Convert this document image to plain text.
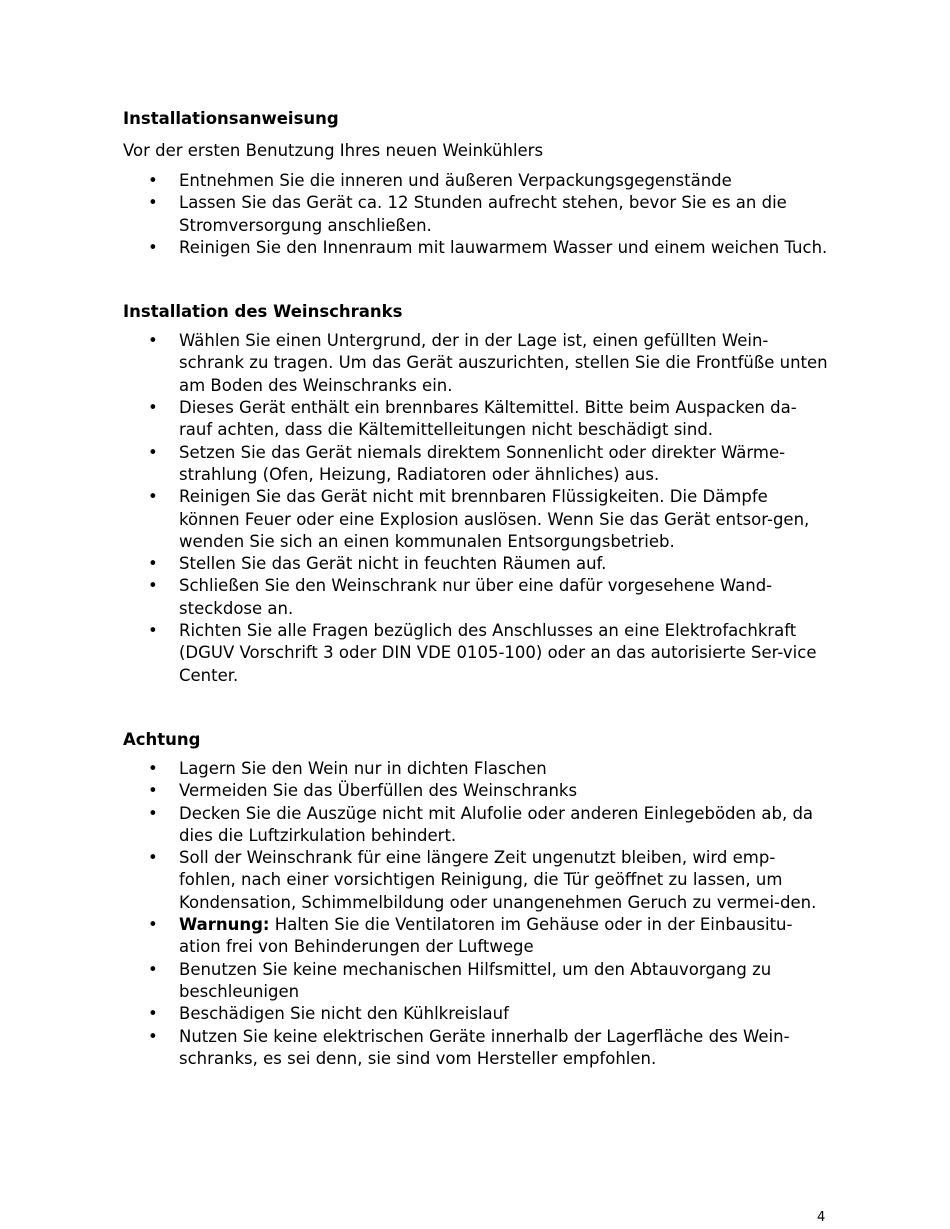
Installationsanweisung

Vor der ersten Benutzung Ihres neuen Weinkühlers

• Entnehmen Sie die inneren und äußeren Verpackungsgegenstände
• Lassen Sie das Gerät ca. 12 Stunden aufrecht stehen, bevor Sie es an die Stromversorgung anschließen.
• Reinigen Sie den Innenraum mit lauwarmem Wasser und einem weichen Tuch.

Installation des Weinschranks

• Wählen Sie einen Untergrund, der in der Lage ist, einen gefüllten Wein-schrank zu tragen. Um das Gerät auszurichten, stellen Sie die Frontfüße unten am Boden des Weinschranks ein.
• Dieses Gerät enthält ein brennbares Kältemittel. Bitte beim Auspacken da-rauf achten, dass die Kältemittelleitungen nicht beschädigt sind.
• Setzen Sie das Gerät niemals direktem Sonnenlicht oder direkter Wärme-strahlung (Ofen, Heizung, Radiatoren oder ähnliches) aus.
• Reinigen Sie das Gerät nicht mit brennbaren Flüssigkeiten. Die Dämpfe können Feuer oder eine Explosion auslösen. Wenn Sie das Gerät entsor-gen, wenden Sie sich an einen kommunalen Entsorgungsbetrieb.
• Stellen Sie das Gerät nicht in feuchten Räumen auf.
• Schließen Sie den Weinschrank nur über eine dafür vorgesehene Wand-steckdose an.
• Richten Sie alle Fragen bezüglich des Anschlusses an eine Elektrofachkraft (DGUV Vorschrift 3 oder DIN VDE 0105-100) oder an das autorisierte Ser-vice Center.

Achtung

• Lagern Sie den Wein nur in dichten Flaschen
• Vermeiden Sie das Überfüllen des Weinschranks
• Decken Sie die Auszüge nicht mit Alufolie oder anderen Einlegeböden ab, da dies die Luftzirkulation behindert.
• Soll der Weinschrank für eine längere Zeit ungenutzt bleiben, wird emp-fohlen, nach einer vorsichtigen Reinigung, die Tür geöffnet zu lassen, um Kondensation, Schimmelbildung oder unangenehmen Geruch zu vermei-den.
• Warnung: Halten Sie die Ventilatoren im Gehäuse oder in der Einbausitu-ation frei von Behinderungen der Luftwege
• Benutzen Sie keine mechanischen Hilfsmittel, um den Abtauvorgang zu beschleunigen
• Beschädigen Sie nicht den Kühlkreislauf
• Nutzen Sie keine elektrischen Geräte innerhalb der Lagerfläche des Wein-schranks, es sei denn, sie sind vom Hersteller empfohlen.
4
